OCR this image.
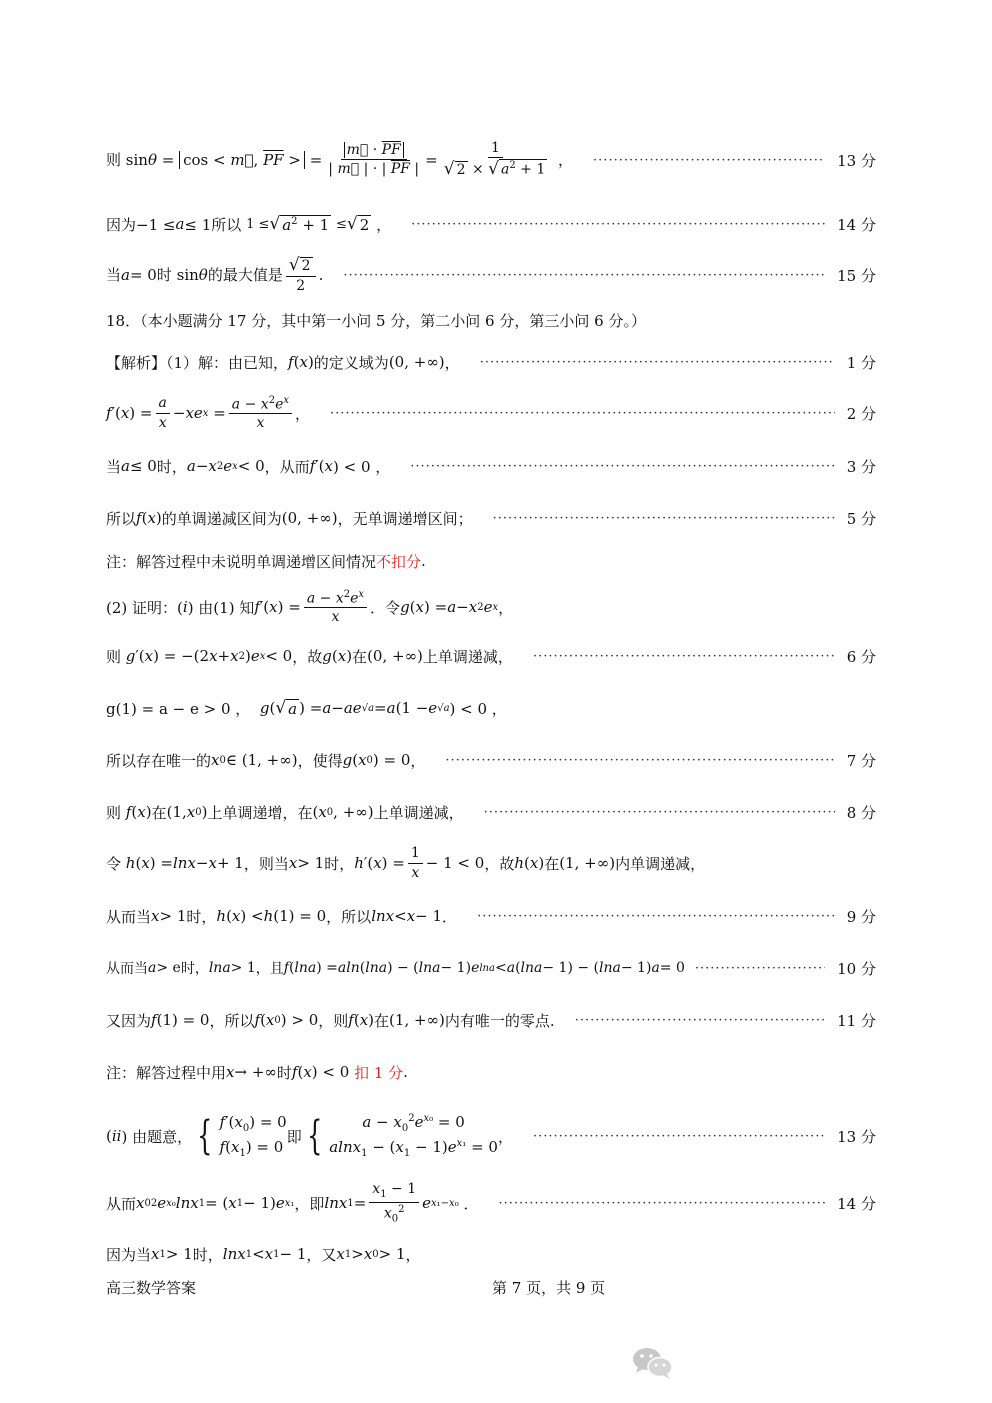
则 sin θ = cos < m⃗, $\overline{PF}$ > = $\frac{m⃗ \cdot \overline{PF}}{| m⃗ | \cdot | \overline{PF} |} = \frac{1}{√ 2 \times √ a^2 + 1}$ ， ·····	13 分
因为−1 ≤ a ≤ 1所以
1 ≤ √ $a^2 + 1$
≤ √ 2
， ·····	14 分
当 a = 0时 sin θ 的最大值是 $\frac{√ 2}{2}$ . ·····	15 分
18．（本小题满分 17 分，其中第一小问 5 分，第二小问 6 分，第三小问 6 分。）
【解析】（1）解：由已知， f ( x ) 的定义域为 (0, +∞) ， ·····	1 分
f ′( x ) = $\frac{a}{x} - x$ e $x = \frac{a - x^2e^x}{x}$ ， ·····	2 分
当 a ≤ 0 时， a − x 2 e x < 0 ，从而 f ′( x ) < 0 ， ·····	3 分
所以 f ( x ) 的单调递减区间为 (0, +∞) ，无单调递增区间； ·····	5 分
注：解答过程中未说明单调递增区间情况 不扣分 .
(2) 证明：( i ) 由(1) 知 f ′( x ) = $\frac{a - x^2e^x}{x}$ ．令 g ( x ) = a − x 2 e x ，
则
g ′( x ) = −(2 x + x 2 ) e x < 0 ，故 g ( x ) 在 (0, +∞) 上单调递减， ·····	6 分
g(1) = a − e > 0 ，
g ( √ a ) = a − a e √a = a (1 − e √a ) < 0 ，
所以存在唯一的 x 0 ∈ (1, +∞) ，使得 g ( x 0 ) = 0 ， ·····	7 分
则
f ( x ) 在 (1, x 0 ) 上单调递增，在 ( x 0 , +∞) 上单调递减， ·····	8 分
令
h ( x ) = lnx − x + 1 ，则当 x > 1 时， h ′( x ) = $\frac{1}{x} - 1 < 0$ ，故 h ( x ) 在 (1, +∞) 内单调递减，
从而当 x > 1 时， h ( x ) < h (1) = 0 ，所以 lnx < x − 1 ． ·····	9 分
从而当 a > e 时， lna > 1 ，且 f ( lna ) = a ln ( lna ) − ( lna − 1) e lna < a ( lna − 1) − ( lna − 1) a = 0 ·····	10 分
又因为 f (1) = 0 ，所以 f ( x 0 ) > 0 ，则 f ( x ) 在 (1, +∞) 内有唯一的零点. ·····	11 分
注：解答过程中用 x → +∞ 时 f ( x ) < 0 扣 1 分 .
( ii ) 由题意， { $f'(x_0) = 0$
$f(x_1) = 0$
即 {	$a - x_0^2e^{x_0} = 0$
$alnx_1 - (x_1 - 1)e^{x_1} = 0$
， ·····	13 分
从而 x 0 2 e x₀ lnx 1 = ( x 1 − 1) e x₁ ，即 lnx $1 = \frac{x_1 - 1}{x_0^2}$ e x₁−x₀
． ·····	14 分
因为当 x 1 > 1 时， lnx 1 < x 1 − 1 ，又 x 1 > x 0 > 1 ，
高三数学答案	第 7 页，共 9 页
